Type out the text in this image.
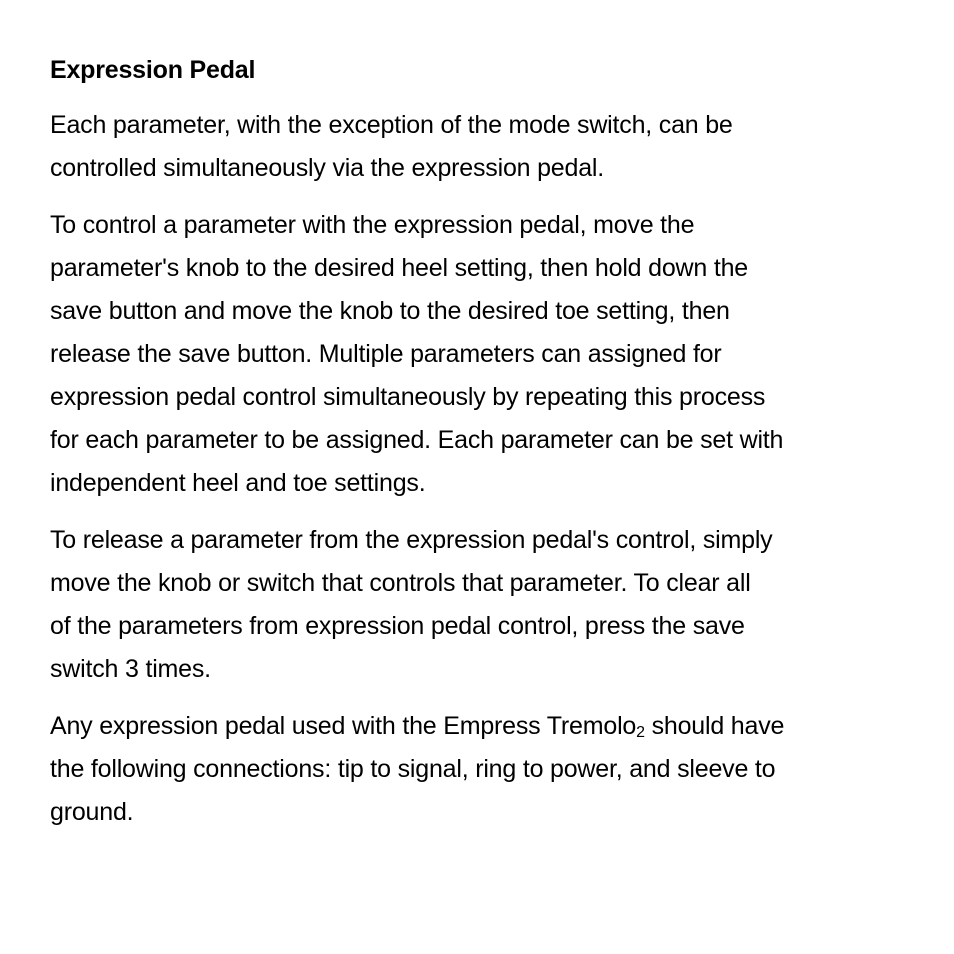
Expression Pedal
Each parameter, with the exception of the mode switch, can be
controlled simultaneously via the expression pedal.
To control a parameter with the expression pedal, move the
parameter's knob to the desired heel setting, then hold down the
save button and move the knob to the desired toe setting, then
release the save button. Multiple parameters can assigned for
expression pedal control simultaneously by repeating this process
for each parameter to be assigned. Each parameter can be set with
independent heel and toe settings.
To release a parameter from the expression pedal's control, simply
move the knob or switch that controls that parameter. To clear all
of the parameters from expression pedal control, press the save
switch 3 times.
Any expression pedal used with the Empress Tremolo$_2$ should have
the following connections: tip to signal, ring to power, and sleeve to
ground.
